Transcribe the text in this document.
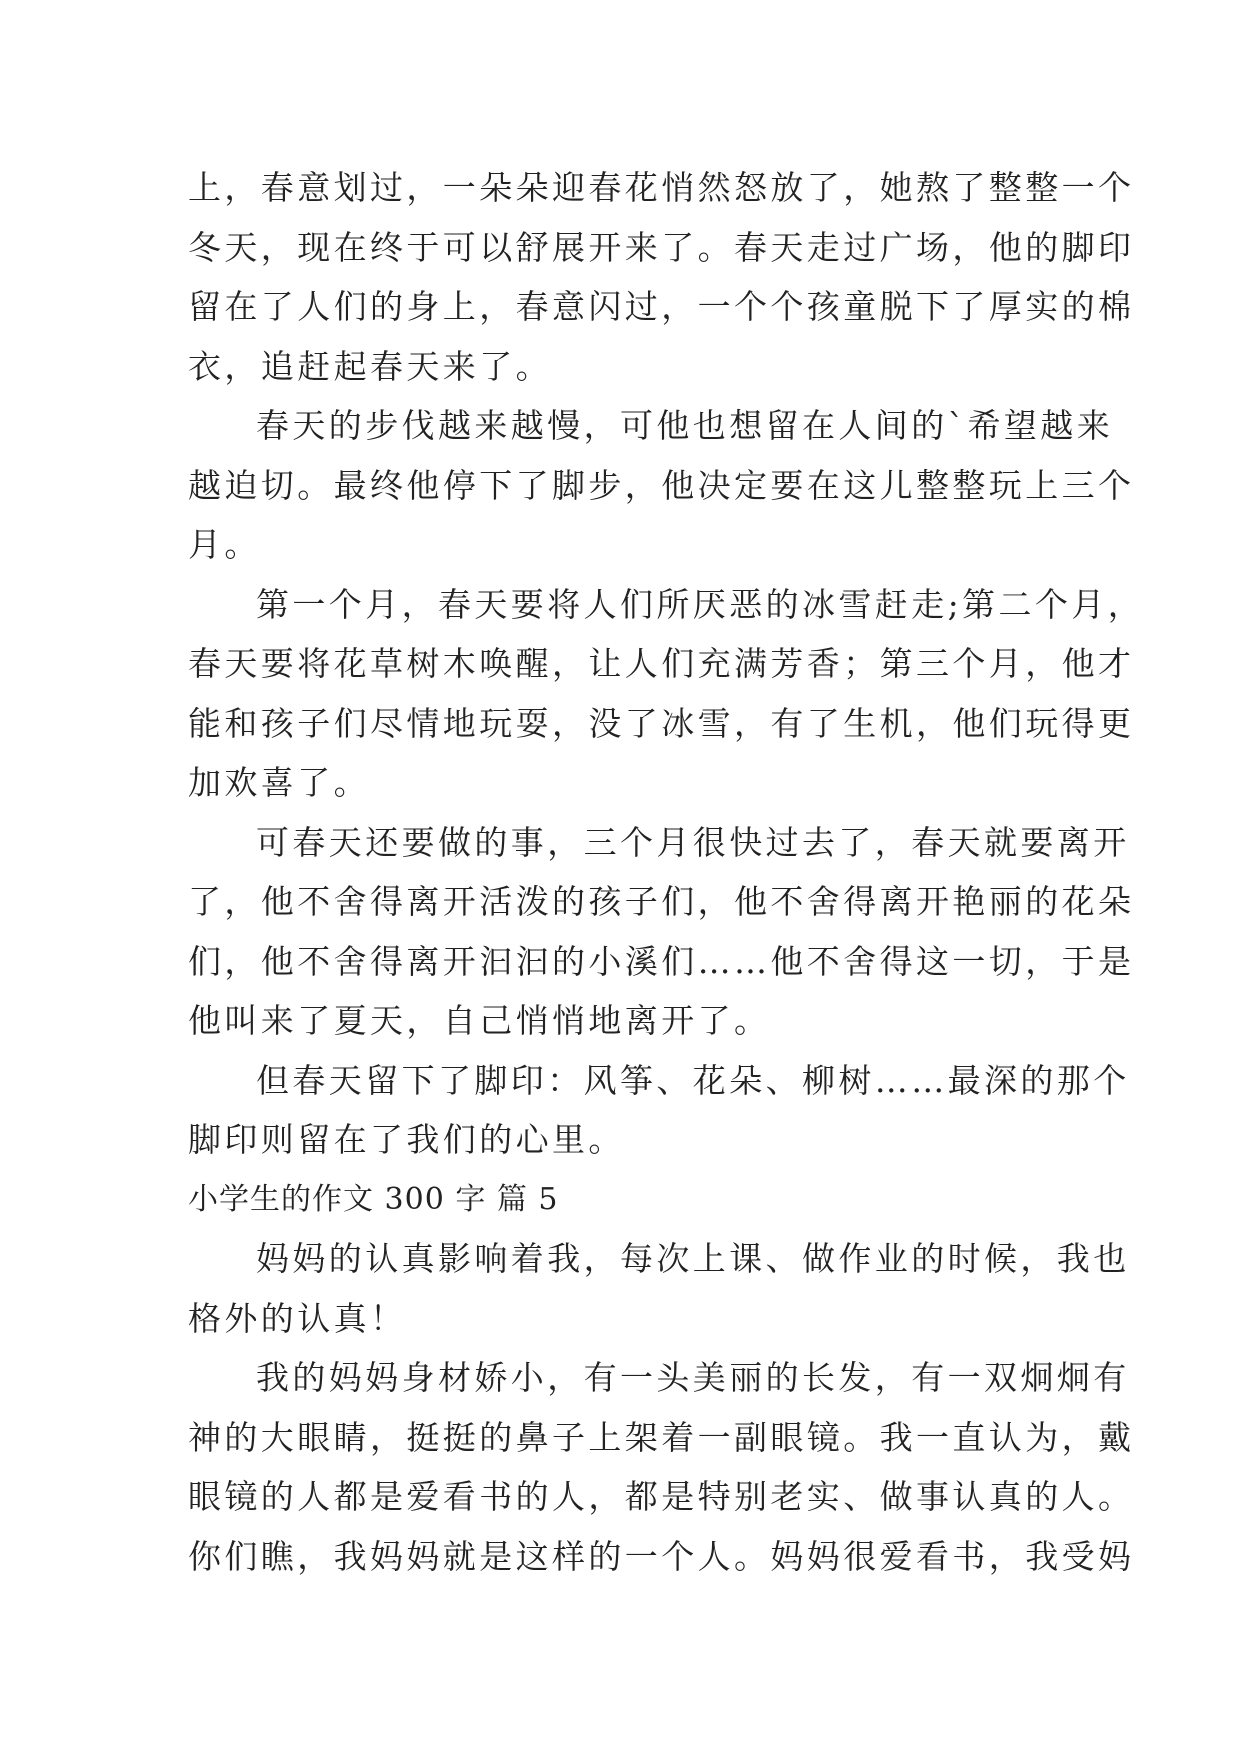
上，春意划过，一朵朵迎春花悄然怒放了，她熬了整整一个
冬天，现在终于可以舒展开来了。春天走过广场，他的脚印
留在了人们的身上，春意闪过，一个个孩童脱下了厚实的棉
衣，追赶起春天来了。
春天的步伐越来越慢，可他也想留在人间的`希望越来
越迫切。最终他停下了脚步，他决定要在这儿整整玩上三个
月。
第一个月，春天要将人们所厌恶的冰雪赶走;第二个月，
春天要将花草树木唤醒，让人们充满芳香；第三个月，他才
能和孩子们尽情地玩耍，没了冰雪，有了生机，他们玩得更
加欢喜了。
可春天还要做的事，三个月很快过去了，春天就要离开
了，他不舍得离开活泼的孩子们，他不舍得离开艳丽的花朵
们，他不舍得离开汩汩的小溪们……他不舍得这一切，于是
他叫来了夏天，自己悄悄地离开了。
但春天留下了脚印：风筝、花朵、柳树……最深的那个
脚印则留在了我们的心里。
小学生的作文 300 字 篇 5
妈妈的认真影响着我，每次上课、做作业的时候，我也
格外的认真！
我的妈妈身材娇小，有一头美丽的长发，有一双炯炯有
神的大眼睛，挺挺的鼻子上架着一副眼镜。我一直认为，戴
眼镜的人都是爱看书的人，都是特别老实、做事认真的人。
你们瞧，我妈妈就是这样的一个人。妈妈很爱看书，我受妈
